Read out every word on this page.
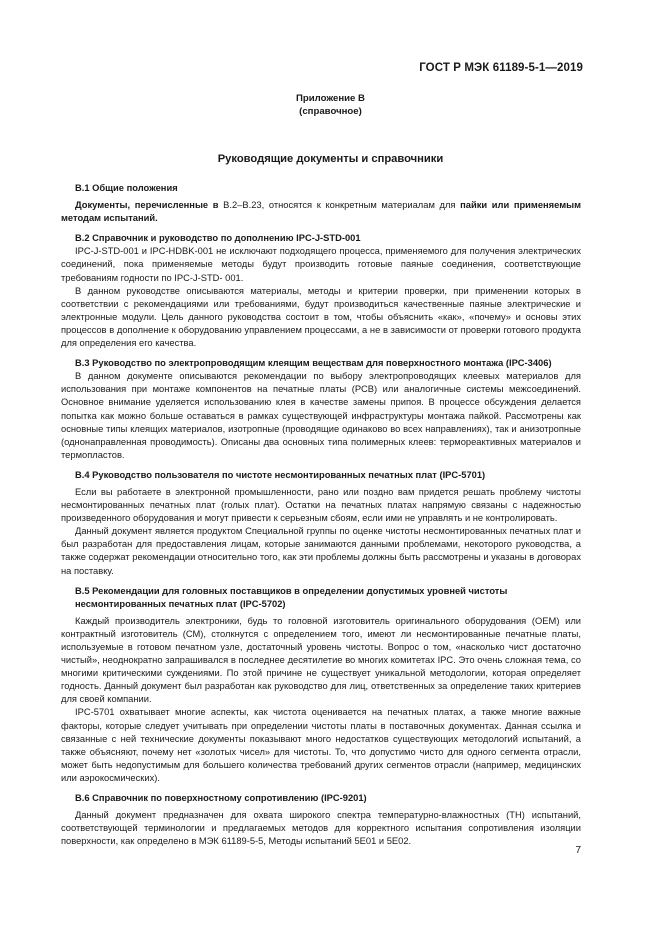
ГОСТ Р МЭК 61189-5-1—2019
Приложение В
(справочное)
Руководящие документы и справочники

В.1 Общие положения

Документы, перечисленные в В.2–В.23, относятся к конкретным материалам для пайки или применяемым методам испытаний.

В.2 Справочник и руководство по дополнению IPC-J-STD-001

IPC-J-STD-001 и IPC-HDBK-001 не исключают подходящего процесса, применяемого для получения электрических соединений, пока применяемые методы будут производить готовые паяные соединения, соответствующие требованиям годности по IPC-J-STD- 001.

В данном руководстве описываются материалы, методы и критерии проверки, при применении которых в соответствии с рекомендациями или требованиями, будут производиться качественные паяные электрические и электронные модули. Цель данного руководства состоит в том, чтобы объяснить «как», «почему» и основы этих процессов в дополнение к оборудованию управлением процессами, а не в зависимости от проверки готового продукта для определения его качества.

В.3 Руководство по электропроводящим клеящим веществам для поверхностного монтажа (IPC-3406)

В данном документе описываются рекомендации по выбору электропроводящих клеевых материалов для использования при монтаже компонентов на печатные платы (PCB) или аналогичные системы межсоединений. Основное внимание уделяется использованию клея в качестве замены припоя. В процессе обсуждения делается попытка как можно больше оставаться в рамках существующей инфраструктуры монтажа пайкой. Рассмотрены как основные типы клеящих материалов, изотропные (проводящие одинаково во всех направлениях), так и анизотропные (однонаправленная проводимость). Описаны два основных типа полимерных клеев: термореактивных материалов и термопластов.

В.4 Руководство пользователя по чистоте несмонтированных печатных плат (IPC-5701)

Если вы работаете в электронной промышленности, рано или поздно вам придется решать проблему чистоты несмонтированных печатных плат (голых плат). Остатки на печатных платах напрямую связаны с надежностью произведенного оборудования и могут привести к серьезным сбоям, если ими не управлять и не контролировать.

Данный документ является продуктом Специальной группы по оценке чистоты несмонтированных печатных плат и был разработан для предоставления лицам, которые занимаются данными проблемами, некоторого руководства, а также содержат рекомендации относительно того, как эти проблемы должны быть рассмотрены и указаны в договорах на поставку.

В.5 Рекомендации для головных поставщиков в определении допустимых уровней чистоты несмонтированных печатных плат (IPC-5702)

Каждый производитель электроники, будь то головной изготовитель оригинального оборудования (OEM) или контрактный изготовитель (СМ), столкнутся с определением того, имеют ли несмонтированные печатные платы, используемые в готовом печатном узле, достаточный уровень чистоты. Вопрос о том, «насколько чист достаточно чистый», неоднократно запрашивался в последнее десятилетие во многих комитетах IPC. Это очень сложная тема, со многими критическими суждениями. По этой причине не существует уникальной методологии, которая определяет годность. Данный документ был разработан как руководство для лиц, ответственных за определение таких критериев для своей компании.

IPC-5701 охватывает многие аспекты, как чистота оценивается на печатных платах, а также многие важные факторы, которые следует учитывать при определении чистоты платы в поставочных документах. Данная ссылка и связанные с ней технические документы показывают много недостатков существующих методологий испытаний, а также объясняют, почему нет «золотых чисел» для чистоты. То, что допустимо чисто для одного сегмента отрасли, может быть недопустимым для большего количества требований других сегментов отрасли (например, медицинских или аэрокосмических).

В.6 Справочник по поверхностному сопротивлению (IPC-9201)

Данный документ предназначен для охвата широкого спектра температурно-влажностных (TH) испытаний, соответствующей терминологии и предлагаемых методов для корректного испытания сопротивления изоляции поверхности, как определено в МЭК 61189-5-5, Методы испытаний 5Е01 и 5Е02.

7
